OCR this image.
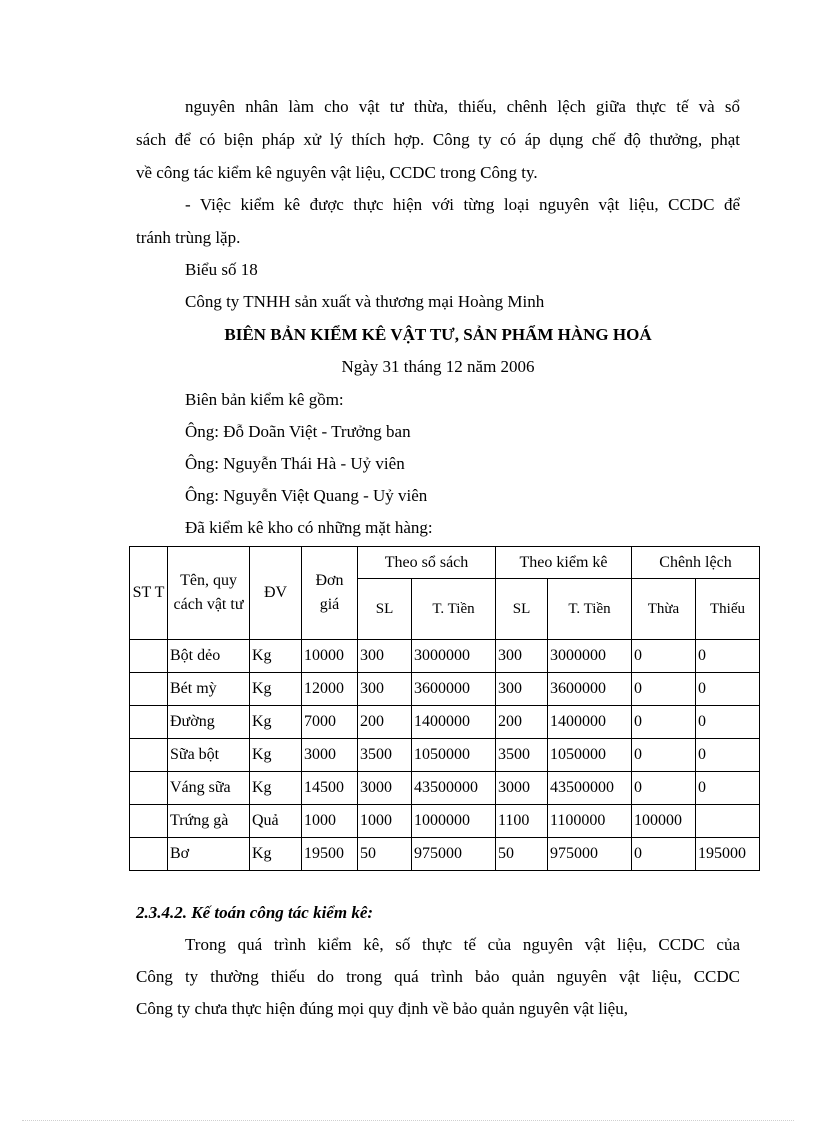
nguyên nhân làm cho vật tư thừa, thiếu, chênh lệch giữa thực tế và sổ
sách để có biện pháp xử lý thích hợp. Công ty có áp dụng chế độ thưởng, phạt
về công tác kiểm kê nguyên vật liệu, CCDC trong Công ty.
- Việc kiểm kê được thực hiện với từng loại nguyên vật liệu, CCDC để
tránh trùng lặp.
Biểu số 18
Công ty TNHH sản xuất và thương mại Hoàng Minh
BIÊN BẢN KIỂM KÊ VẬT TƯ, SẢN PHẨM HÀNG HOÁ
Ngày 31 tháng 12 năm 2006
Biên bản kiểm kê gồm:
Ông: Đỗ Doãn Việt - Trưởng ban
Ông: Nguyễn Thái Hà - Uỷ viên
Ông: Nguyễn Việt Quang - Uỷ viên
Đã kiểm kê kho có những mặt hàng:
ST T	Tên, quy cách vật tư	ĐV	Đơn giá	Theo sổ sách		Theo kiểm kê		Chênh lệch	
				SL	T. Tiền	SL	T. Tiền	Thừa	Thiếu
	Bột dẻo	Kg	10000	300	3000000	300	3000000	0	0
	Bét mỳ	Kg	12000	300	3600000	300	3600000	0	0
	Đường	Kg	7000	200	1400000	200	1400000	0	0
	Sữa bột	Kg	3000	3500	1050000	3500	1050000	0	0
	Váng sữa	Kg	14500	3000	43500000	3000	43500000	0	0
	Trứng gà	Quả	1000	1000	1000000	1100	1100000	100000	
	Bơ	Kg	19500	50	975000	50	975000	0	195000
2.3.4.2. Kế toán công tác kiểm kê:
Trong quá trình kiểm kê, số thực tế của nguyên vật liệu, CCDC của
Công ty thường thiếu do trong quá trình bảo quản nguyên vật liệu, CCDC
Công ty chưa thực hiện đúng mọi quy định về bảo quản nguyên vật liệu,
